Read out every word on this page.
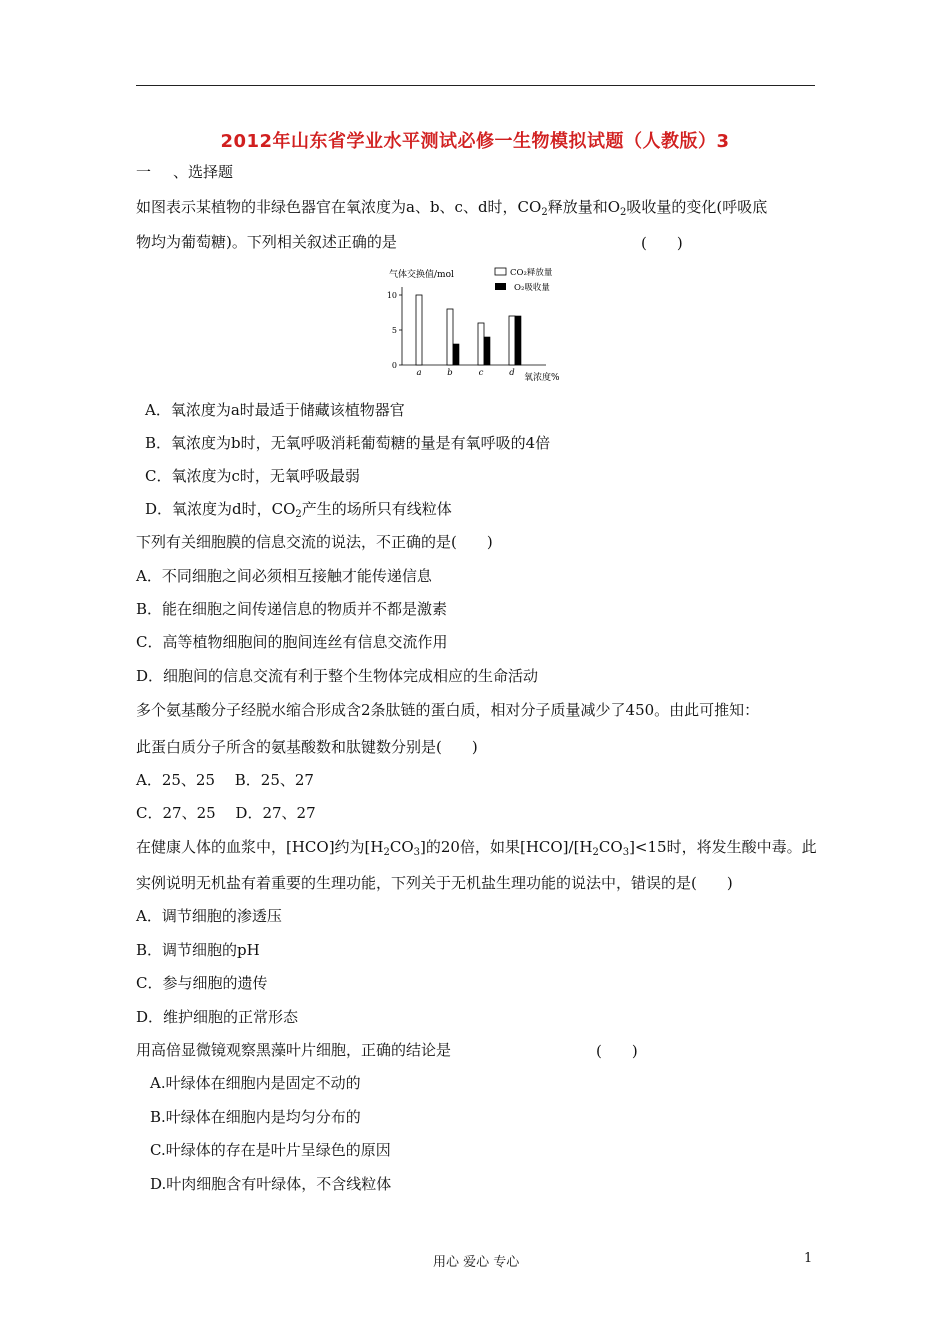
2012年山东省学业水平测试必修一生物模拟试题（人教版）3
一 、选择题
如图表示某植物的非绿色器官在氧浓度为a、b、c、d时，$CO_2$释放量和$O_2$吸收量的变化(呼吸底
物均为葡萄糖)。下列相关叙述正确的是	(　　)
气体交换值/mol	CO₂释放量
O₂吸收量
0
5
10
a	b	c	d 氧浓度%
A．氧浓度为a时最适于储藏该植物器官
B．氧浓度为b时，无氧呼吸消耗葡萄糖的量是有氧呼吸的4倍
C．氧浓度为c时，无氧呼吸最弱
D．氧浓度为d时，$CO_2$产生的场所只有线粒体
下列有关细胞膜的信息交流的说法，不正确的是(　　)
A．不同细胞之间必须相互接触才能传递信息
B．能在细胞之间传递信息的物质并不都是激素
C．高等植物细胞间的胞间连丝有信息交流作用
D．细胞间的信息交流有利于整个生物体完成相应的生命活动
多个氨基酸分子经脱水缩合形成含2条肽链的蛋白质，相对分子质量减少了450。由此可推知：
此蛋白质分子所含的氨基酸数和肽键数分别是(　　)
A．25、25　 B．25、27
C．27、25　 D．27、27
在健康人体的血浆中，[HCO]约为$[H_2CO_3]$的20倍，如果$[HCO]/[H_2CO_3]<15$时，将发生酸中毒。此
实例说明无机盐有着重要的生理功能，下列关于无机盐生理功能的说法中，错误的是(　　)
A．调节细胞的渗透压
B．调节细胞的pH
C．参与细胞的遗传
D．维护细胞的正常形态
用高倍显微镜观察黑藻叶片细胞，正确的结论是	(　　)
A.叶绿体在细胞内是固定不动的
B.叶绿体在细胞内是均匀分布的
C.叶绿体的存在是叶片呈绿色的原因
D.叶肉细胞含有叶绿体，不含线粒体
用心 爱心 专心	1
